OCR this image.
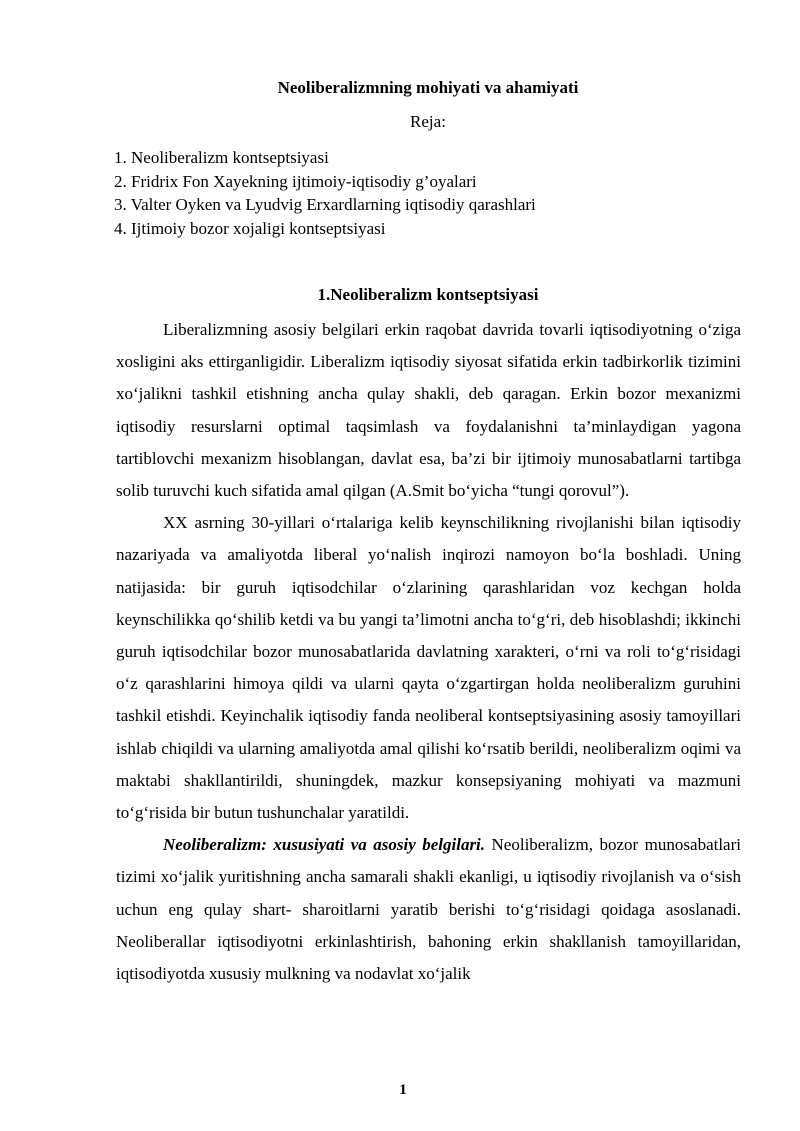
Neoliberalizmning mohiyati va ahamiyati
Reja:
1. Neoliberalizm kontseptsiyasi
2. Fridrix Fon Xayekning ijtimoiy-iqtisodiy g’oyalari
3. Valter Oyken va Lyudvig Erxardlarning iqtisodiy qarashlari
4. Ijtimoiy bozor xojaligi kontseptsiyasi
1.Neoliberalizm kontseptsiyasi

Liberalizmning asosiy belgilari erkin raqobat davrida tovarli iqtisodiyotning o‘ziga xosligini aks ettirganligidir. Liberalizm iqtisodiy siyosat sifatida erkin tadbirkorlik tizimini xo‘jalikni tashkil etishning ancha qulay shakli, deb qaragan. Erkin bozor mexanizmi iqtisodiy resurslarni optimal taqsimlash va foydalanishni ta’minlaydigan yagona tartiblovchi mexanizm hisoblangan, davlat esa, ba’zi bir ijtimoiy munosabatlarni tartibga solib turuvchi kuch sifatida amal qilgan (A.Smit bo‘yicha “tungi qorovul”).

XX asrning 30-yillari o‘rtalariga kelib keynschilikning rivojlanishi bilan iqtisodiy nazariyada va amaliyotda liberal yo‘nalish inqirozi namoyon bo‘la boshladi. Uning natijasida: bir guruh iqtisodchilar o‘zlarining qarashlaridan voz kechgan holda keynschilikka qo‘shilib ketdi va bu yangi ta’limotni ancha to‘g‘ri, deb hisoblashdi; ikkinchi guruh iqtisodchilar bozor munosabatlarida davlatning xarakteri, o‘rni va roli to‘g‘risidagi o‘z qarashlarini himoya qildi va ularni qayta o‘zgartirgan holda neoliberalizm guruhini tashkil etishdi. Keyinchalik iqtisodiy fanda neoliberal kontseptsiyasining asosiy tamoyillari ishlab chiqildi va ularning amaliyotda amal qilishi ko‘rsatib berildi, neoliberalizm oqimi va maktabi shakllantirildi, shuningdek, mazkur konsepsiyaning mohiyati va mazmuni to‘g‘risida bir butun tushunchalar yaratildi.

Neoliberalizm: xususiyati va asosiy belgilari. Neoliberalizm, bozor munosabatlari tizimi xo‘jalik yuritishning ancha samarali shakli ekanligi, u iqtisodiy rivojlanish va o‘sish uchun eng qulay shart- sharoitlarni yaratib berishi to‘g‘risidagi qoidaga asoslanadi. Neoliberallar iqtisodiyotni erkinlashtirish, bahoning erkin shakllanish tamoyillaridan, iqtisodiyotda xususiy mulkning va nodavlat xo‘jalik

1
